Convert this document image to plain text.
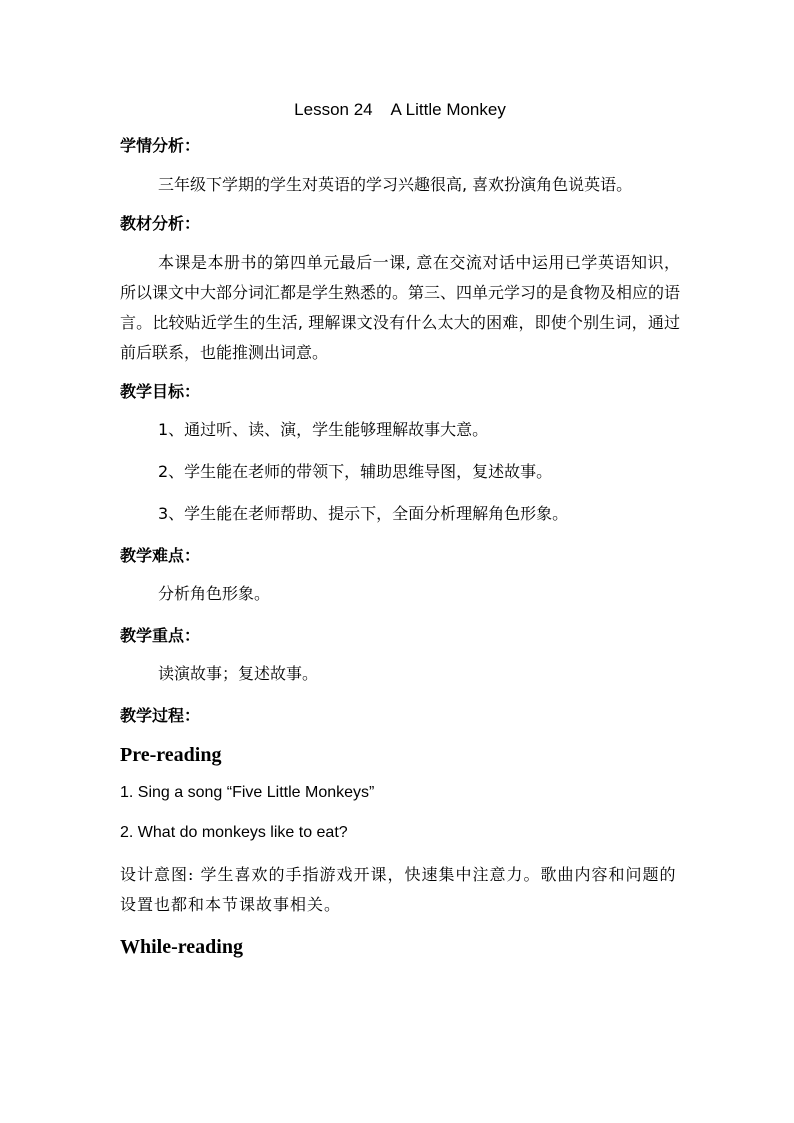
Lesson 24    A Little Monkey
学情分析：
三年级下学期的学生对英语的学习兴趣很高, 喜欢扮演角色说英语。
教材分析：
本课是本册书的第四单元最后一课, 意在交流对话中运用已学英语知识，所以课文中大部分词汇都是学生熟悉的。第三、四单元学习的是食物及相应的语言。比较贴近学生的生活, 理解课文没有什么太大的困难，即使个别生词，通过前后联系，也能推测出词意。
教学目标：
1、通过听、读、演，学生能够理解故事大意。
2、学生能在老师的带领下，辅助思维导图，复述故事。
3、学生能在老师帮助、提示下，全面分析理解角色形象。
教学难点：
分析角色形象。
教学重点：
读演故事；复述故事。
教学过程：
Pre-reading
1. Sing a song “Five Little Monkeys”
2. What do monkeys like to eat?
设计意图: 学生喜欢的手指游戏开课，快速集中注意力。歌曲内容和问题的设置也都和本节课故事相关。
While-reading
